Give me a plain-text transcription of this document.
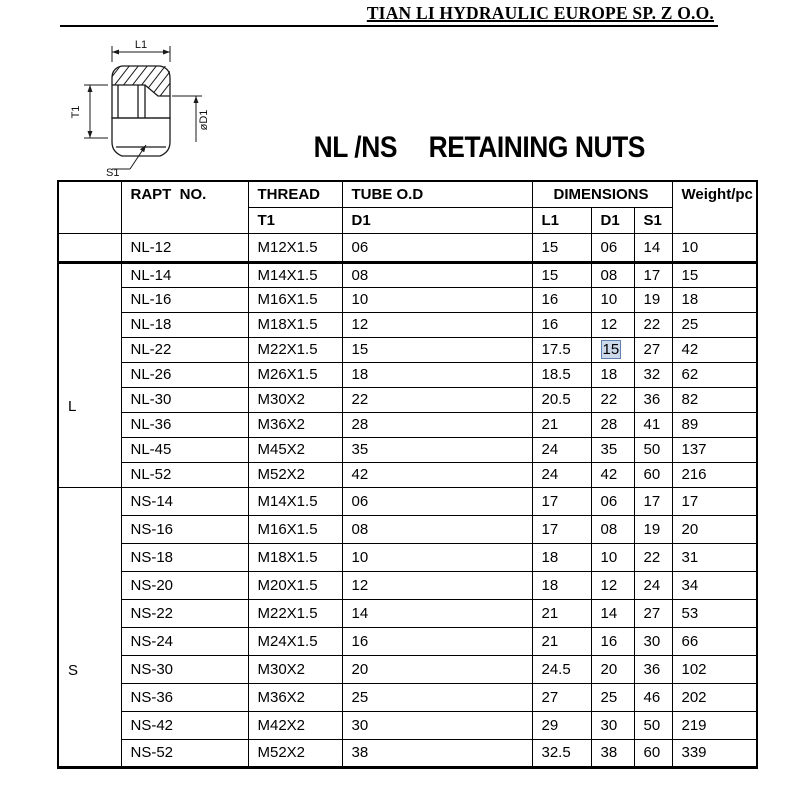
TIAN LI HYDRAULIC EUROPE SP. Z O.O.
L1
T1	øD1
S1

NL /NS RETAINING NUTS

	RAPT  NO.	THREAD	TUBE O.D	DIMENSIONS			Weight/pc
		T1	D1	L1	D1	S1	
	NL-12	M12X1.5	06	15	06	14	10
L	NL-14	M14X1.5	08	15	08	17	15
	NL-16	M16X1.5	10	16	10	19	18
	NL-18	M18X1.5	12	16	12	22	25
	NL-22	M22X1.5	15	17.5	15	27	42
	NL-26	M26X1.5	18	18.5	18	32	62
	NL-30	M30X2	22	20.5	22	36	82
	NL-36	M36X2	28	21	28	41	89
	NL-45	M45X2	35	24	35	50	137
	NL-52	M52X2	42	24	42	60	216
S	NS-14	M14X1.5	06	17	06	17	17
	NS-16	M16X1.5	08	17	08	19	20
	NS-18	M18X1.5	10	18	10	22	31
	NS-20	M20X1.5	12	18	12	24	34
	NS-22	M22X1.5	14	21	14	27	53
	NS-24	M24X1.5	16	21	16	30	66
	NS-30	M30X2	20	24.5	20	36	102
	NS-36	M36X2	25	27	25	46	202
	NS-42	M42X2	30	29	30	50	219
	NS-52	M52X2	38	32.5	38	60	339
